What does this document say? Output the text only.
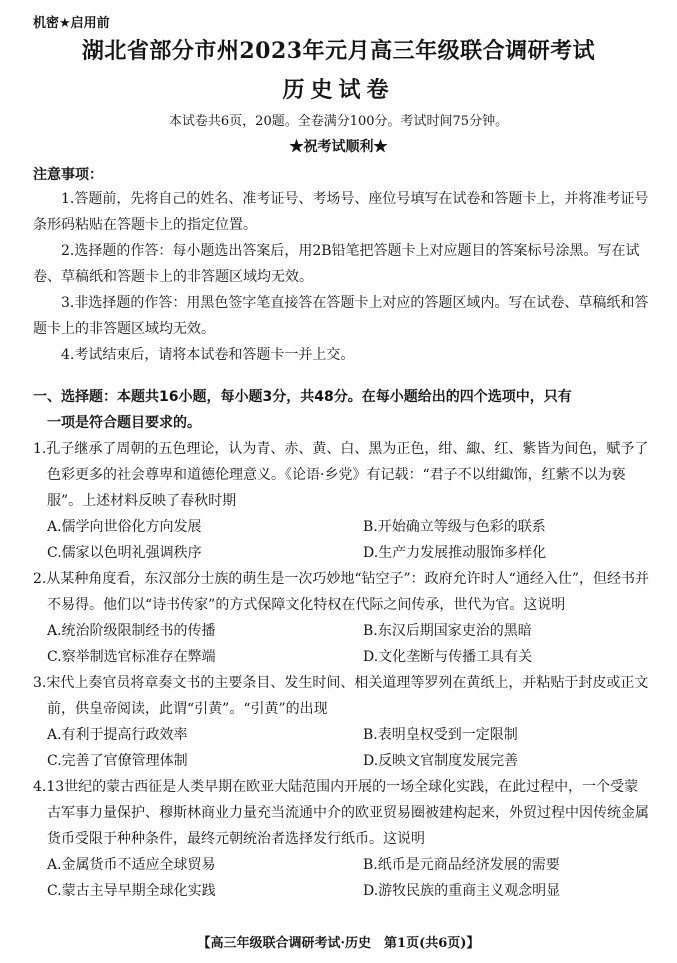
机密★启用前
湖北省部分市州2023年元月高三年级联合调研考试
历史试卷
本试卷共6页，20题。全卷满分100分。考试时间75分钟。
★祝考试顺利★
注意事项：

1.答题前，先将自己的姓名、准考证号、考场号、座位号填写在试卷和答题卡上，并将准考证号条形码粘贴在答题卡上的指定位置。

2.选择题的作答：每小题选出答案后，用2B铅笔把答题卡上对应题目的答案标号涂黑。写在试卷、草稿纸和答题卡上的非答题区域均无效。

3.非选择题的作答：用黑色签字笔直接答在答题卡上对应的答题区域内。写在试卷、草稿纸和答题卡上的非答题区域均无效。

4.考试结束后，请将本试卷和答题卡一并上交。

一、选择题：本题共16小题，每小题3分，共48分。在每小题给出的四个选项中，只有
一项是符合题目要求的。

1.孔子继承了周朝的五色理论，认为青、赤、黄、白、黑为正色，绀、緅、红、紫皆为间色，赋予了色彩更多的社会尊卑和道德伦理意义。《论语·乡党》有记载：“君子不以绀緅饰，红紫不以为亵服”。上述材料反映了春秋时期

A.儒学向世俗化方向发展	B.开始确立等级与色彩的联系
C.儒家以色明礼强调秩序	D.生产力发展推动服饰多样化

2.从某种角度看，东汉部分士族的萌生是一次巧妙地“钻空子”：政府允许时人“通经入仕”，但经书并不易得。他们以“诗书传家”的方式保障文化特权在代际之间传承，世代为官。这说明

A.统治阶级限制经书的传播	B.东汉后期国家吏治的黑暗
C.察举制选官标准存在弊端	D.文化垄断与传播工具有关

3.宋代上奏官员将章奏文书的主要条目、发生时间、相关道理等罗列在黄纸上，并粘贴于封皮或正文前，供皇帝阅读，此谓“引黄”。“引黄”的出现

A.有利于提高行政效率	B.表明皇权受到一定限制
C.完善了官僚管理体制	D.反映文官制度发展完善

4.13世纪的蒙古西征是人类早期在欧亚大陆范围内开展的一场全球化实践，在此过程中，一个受蒙古军事力量保护、穆斯林商业力量充当流通中介的欧亚贸易圈被建构起来，外贸过程中因传统金属货币受限于种种条件，最终元朝统治者选择发行纸币。这说明

A.金属货币不适应全球贸易	B.纸币是元商品经济发展的需要
C.蒙古主导早期全球化实践	D.游牧民族的重商主义观念明显
【高三年级联合调研考试·历史　第1页(共6页)】
